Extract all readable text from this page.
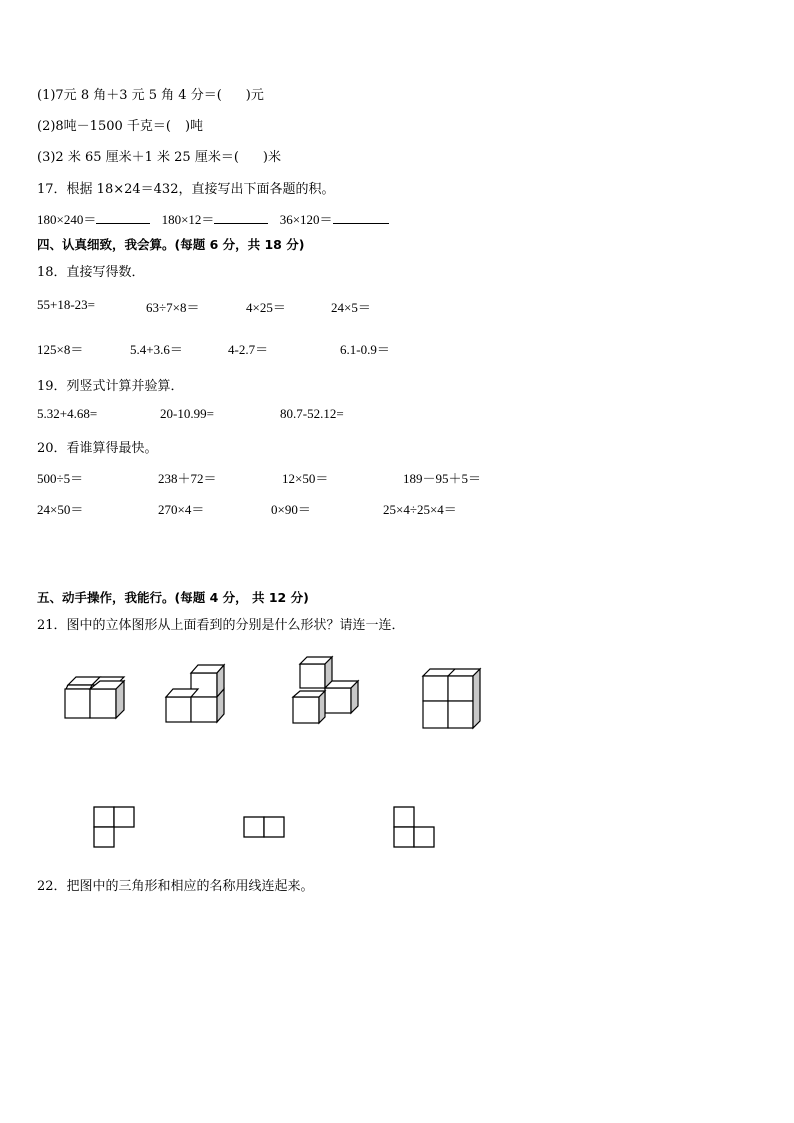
(1)7元 8 角＋3 元 5 角 4 分＝( )元
(2)8吨－1500 千克＝( )吨
(3)2 米 65 厘米＋1 米 25 厘米＝( )米
17．根据 18×24＝432，直接写出下面各题的积。
180×240＝	180×12＝	36×120＝
四、认真细致，我会算。(每题 6 分，共 18 分)
18．直接写得数．
55+18-23=	63÷7×8＝	4×25＝	24×5＝
125×8＝	5.4+3.6＝	4-2.7＝	6.1-0.9＝
19．列竖式计算并验算．
5.32+4.68=	20-10.99=	80.7-52.12=
20．看谁算得最快。
500÷5＝	238＋72＝	12×50＝	189－95＋5＝
24×50＝	270×4＝	0×90＝	25×4÷25×4＝
五、动手操作，我能行。(每题 4 分， 共 12 分)
21．图中的立体图形从上面看到的分别是什么形状？请连一连．
22．把图中的三角形和相应的名称用线连起来。
